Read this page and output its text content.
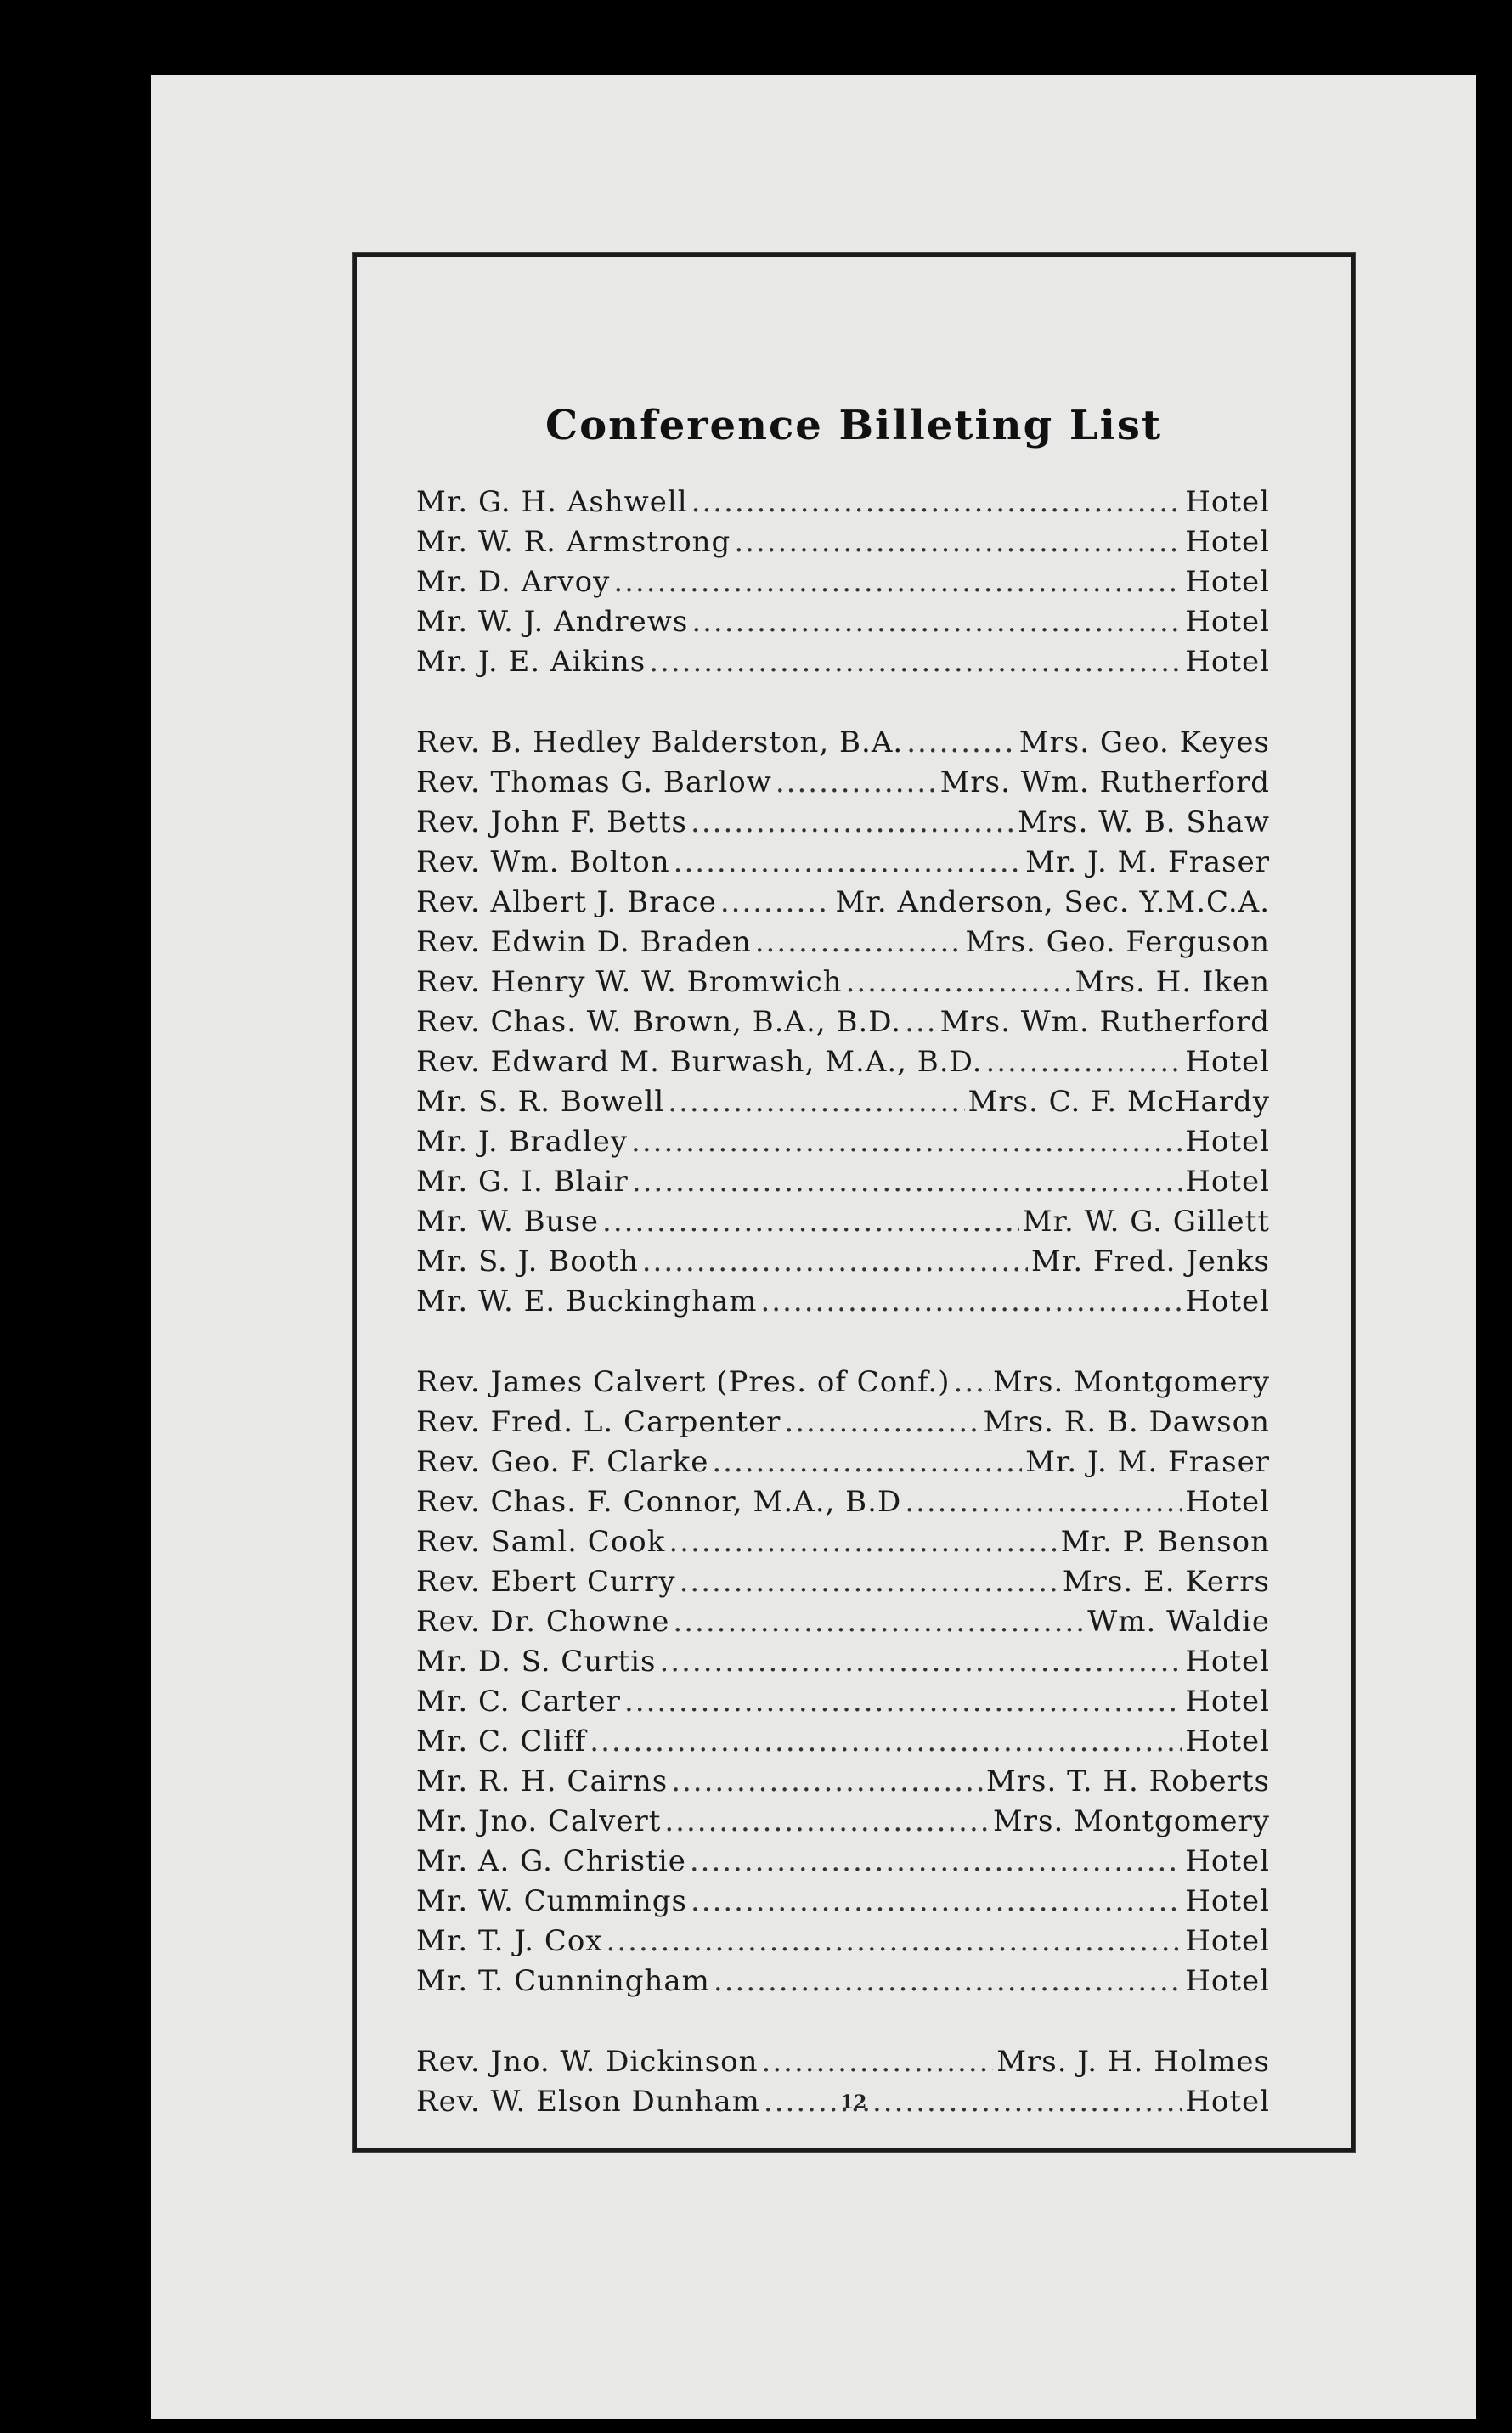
Conference Billeting List
Mr. G. H. Ashwell .....	Hotel
Mr. W. R. Armstrong .....	Hotel
Mr. D. Arvoy .....	Hotel
Mr. W. J. Andrews .....	Hotel
Mr. J. E. Aikins .....	Hotel
Rev. B. Hedley Balderston, B.A. .....	Mrs. Geo. Keyes
Rev. Thomas G. Barlow .....	Mrs. Wm. Rutherford
Rev. John F. Betts .....	Mrs. W. B. Shaw
Rev. Wm. Bolton .....	Mr. J. M. Fraser
Rev. Albert J. Brace .....	Mr. Anderson, Sec. Y.M.C.A.
Rev. Edwin D. Braden .....	Mrs. Geo. Ferguson
Rev. Henry W. W. Bromwich .....	Mrs. H. Iken
Rev. Chas. W. Brown, B.A., B.D. ..... Mrs. Wm. Rutherford
Rev. Edward M. Burwash, M.A., B.D. .....	Hotel
Mr. S. R. Bowell .....	Mrs. C. F. McHardy
Mr. J. Bradley .....	Hotel
Mr. G. I. Blair .....	Hotel
Mr. W. Buse .....	Mr. W. G. Gillett
Mr. S. J. Booth .....	Mr. Fred. Jenks
Mr. W. E. Buckingham .....	Hotel
Rev. James Calvert (Pres. of Conf.) ..... Mrs. Montgomery
Rev. Fred. L. Carpenter .....	Mrs. R. B. Dawson
Rev. Geo. F. Clarke .....	Mr. J. M. Fraser
Rev. Chas. F. Connor, M.A., B.D .....	Hotel
Rev. Saml. Cook .....	Mr. P. Benson
Rev. Ebert Curry .....	Mrs. E. Kerrs
Rev. Dr. Chowne .....	Wm. Waldie
Mr. D. S. Curtis .....	Hotel
Mr. C. Carter .....	Hotel
Mr. C. Cliff .....	Hotel
Mr. R. H. Cairns .....	Mrs. T. H. Roberts
Mr. Jno. Calvert .....	Mrs. Montgomery
Mr. A. G. Christie .....	Hotel
Mr. W. Cummings .....	Hotel
Mr. T. J. Cox .....	Hotel
Mr. T. Cunningham .....	Hotel
Rev. Jno. W. Dickinson .....	Mrs. J. H. Holmes
Rev. W. Elson Dunham .....	Hotel
12
